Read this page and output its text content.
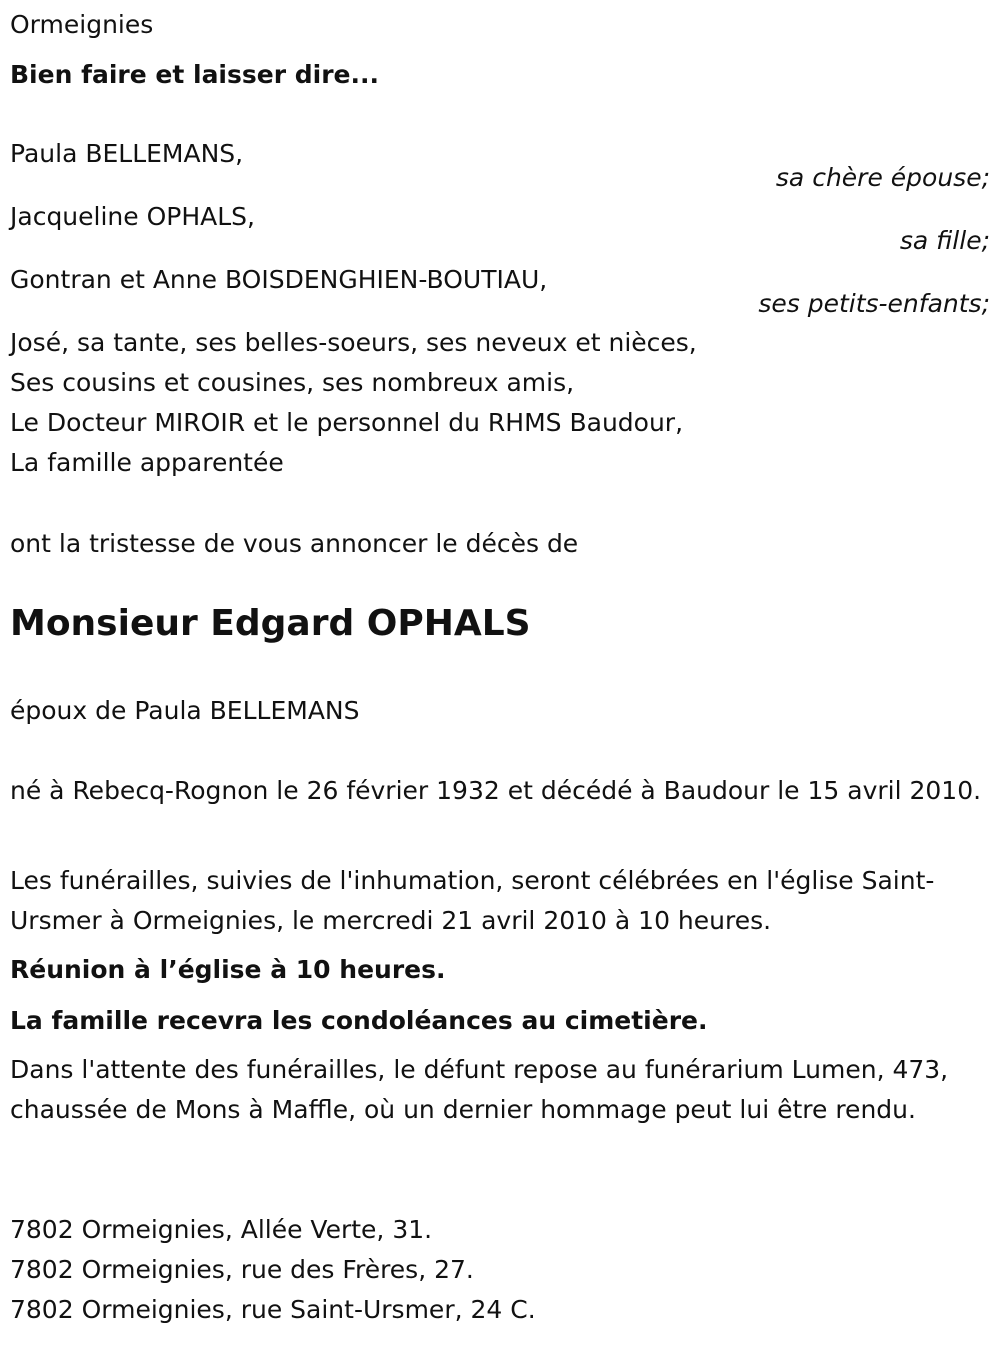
Ormeignies
Bien faire et laisser dire...
Paula BELLEMANS,
sa chère épouse;
Jacqueline OPHALS,
sa fille;
Gontran et Anne BOISDENGHIEN-BOUTIAU,
ses petits-enfants;
José, sa tante, ses belles-soeurs, ses neveux et nièces,
Ses cousins et cousines, ses nombreux amis,
Le Docteur MIROIR et le personnel du RHMS Baudour,
La famille apparentée
ont la tristesse de vous annoncer le décès de
Monsieur Edgard OPHALS
époux de Paula BELLEMANS
né à Rebecq-Rognon le 26 février 1932 et décédé à Baudour le 15 avril 2010.
Les funérailles, suivies de l'inhumation, seront célébrées en l'église Saint-Ursmer à Ormeignies, le mercredi 21 avril 2010 à 10 heures.
Réunion à l’église à 10 heures.
La famille recevra les condoléances au cimetière.
Dans l'attente des funérailles, le défunt repose au funérarium Lumen, 473, chaussée de Mons à Maffle, où un dernier hommage peut lui être rendu.
7802 Ormeignies, Allée Verte, 31.
7802 Ormeignies, rue des Frères, 27.
7802 Ormeignies, rue Saint-Ursmer, 24 C.
